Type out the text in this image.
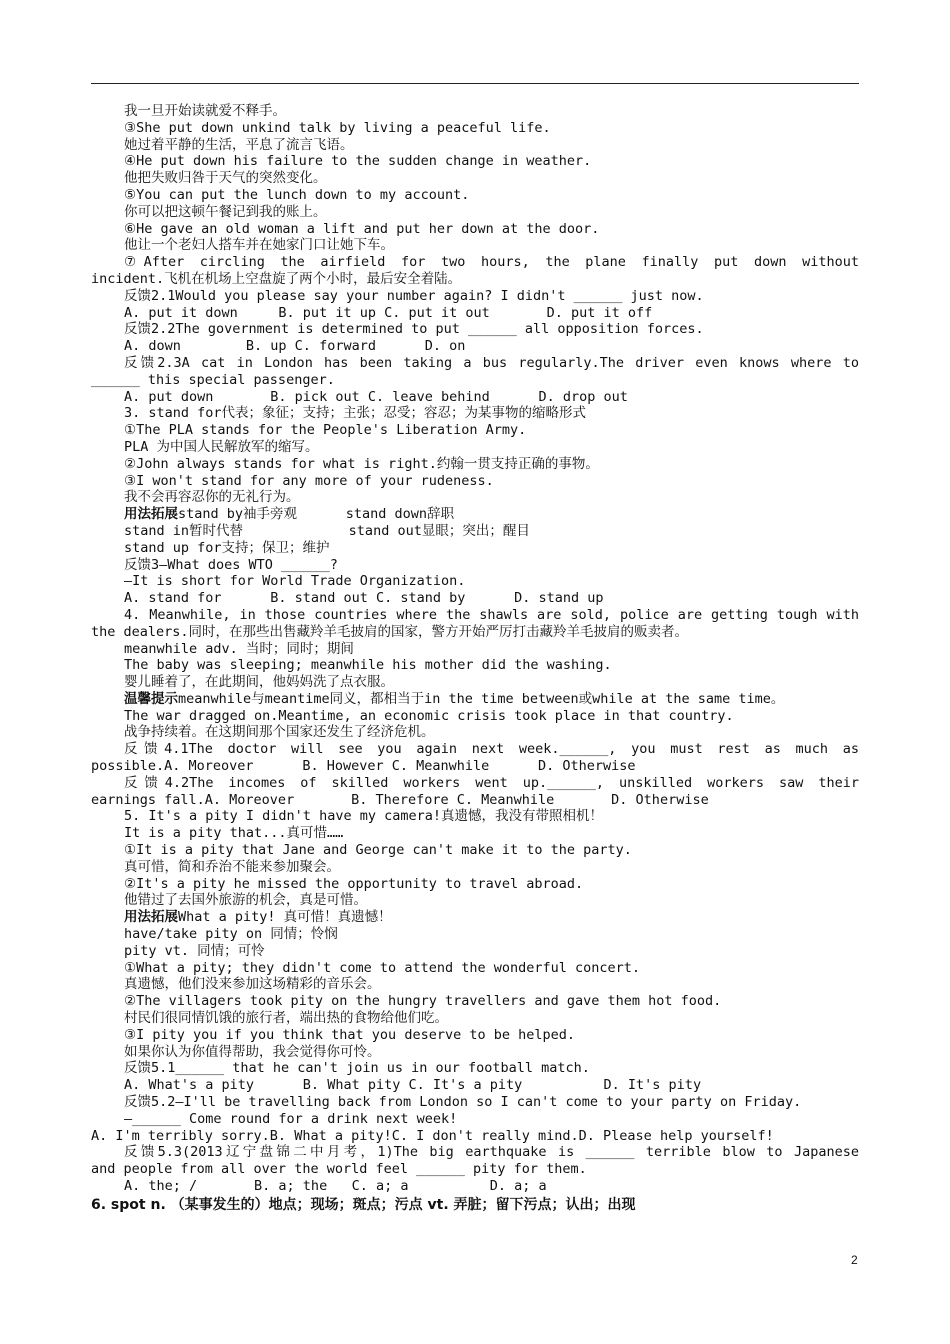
我一旦开始读就爱不释手。
③She put down unkind talk by living a peaceful life.
她过着平静的生活，平息了流言飞语。
④He put down his failure to the sudden change in weather.
他把失败归咎于天气的突然变化。
⑤You can put the lunch down to my account.
你可以把这顿午餐记到我的账上。
⑥He gave an old woman a lift and put her down at the door.
他让一个老妇人搭车并在她家门口让她下车。
⑦After circling the airfield for two hours, the plane finally put down without
incident.飞机在机场上空盘旋了两个小时，最后安全着陆。
反馈2.1Would you please say your number again? I didn't ______ just now.
A. put it down     B. put it up C. put it out       D. put it off
反馈2.2The government is determined to put ______ all opposition forces.
A. down        B. up C. forward      D. on
反馈2.3A cat in London has been taking a bus regularly.The driver even knows where to
______ this special passenger.
A. put down       B. pick out C. leave behind      D. drop out
3. stand for代表；象征；支持；主张；忍受；容忍；为某事物的缩略形式
①The PLA stands for the People's Liberation Army.
PLA 为中国人民解放军的缩写。
②John always stands for what is right.约翰一贯支持正确的事物。
③I won't stand for any more of your rudeness.
我不会再容忍你的无礼行为。
用法拓展stand by袖手旁观      stand down辞职
stand in暂时代替             stand out显眼；突出；醒目
stand up for支持；保卫；维护
反馈3—What does WTO ______?
—It is short for World Trade Organization.
A. stand for      B. stand out C. stand by      D. stand up
4. Meanwhile, in those countries where the shawls are sold, police are getting tough with
the dealers.同时，在那些出售藏羚羊毛披肩的国家，警方开始严厉打击藏羚羊毛披肩的贩卖者。
meanwhile adv. 当时；同时；期间
The baby was sleeping; meanwhile his mother did the washing.
婴儿睡着了，在此期间，他妈妈洗了点衣服。
温馨提示meanwhile与meantime同义，都相当于in the time between或while at the same time。
The war dragged on.Meantime, an economic crisis took place in that country.
战争持续着。在这期间那个国家还发生了经济危机。
反馈4.1The doctor will see you again next week.______, you must rest as much as
possible.A. Moreover      B. However C. Meanwhile      D. Otherwise
反馈4.2The incomes of skilled workers went up.______, unskilled workers saw their
earnings fall.A. Moreover       B. Therefore C. Meanwhile       D. Otherwise
5. It's a pity I didn't have my camera!真遗憾，我没有带照相机！
It is a pity that...真可惜……
①It is a pity that Jane and George can't make it to the party.
真可惜，简和乔治不能来参加聚会。
②It's a pity he missed the opportunity to travel abroad.
他错过了去国外旅游的机会，真是可惜。
用法拓展What a pity! 真可惜！真遗憾！
have/take pity on 同情；怜悯
pity vt. 同情；可怜
①What a pity; they didn't come to attend the wonderful concert.
真遗憾，他们没来参加这场精彩的音乐会。
②The villagers took pity on the hungry travellers and gave them hot food.
村民们很同情饥饿的旅行者，端出热的食物给他们吃。
③I pity you if you think that you deserve to be helped.
如果你认为你值得帮助，我会觉得你可怜。
反馈5.1______ that he can't join us in our football match.
A. What's a pity      B. What pity C. It's a pity          D. It's pity
反馈5.2—I'll be travelling back from London so I can't come to your party on Friday.
—______ Come round for a drink next week!
A. I'm terribly sorry.B. What a pity!C. I don't really mind.D. Please help yourself!
反馈5.3(2013辽宁盘锦二中月考，1)The big earthquake is ______ terrible blow to Japanese
and people from all over the world feel ______ pity for them.
A. the; /       B. a; the   C. a; a          D. a; a
6. spot n. （某事发生的）地点；现场；斑点；污点 vt. 弄脏；留下污点；认出；出现
2
